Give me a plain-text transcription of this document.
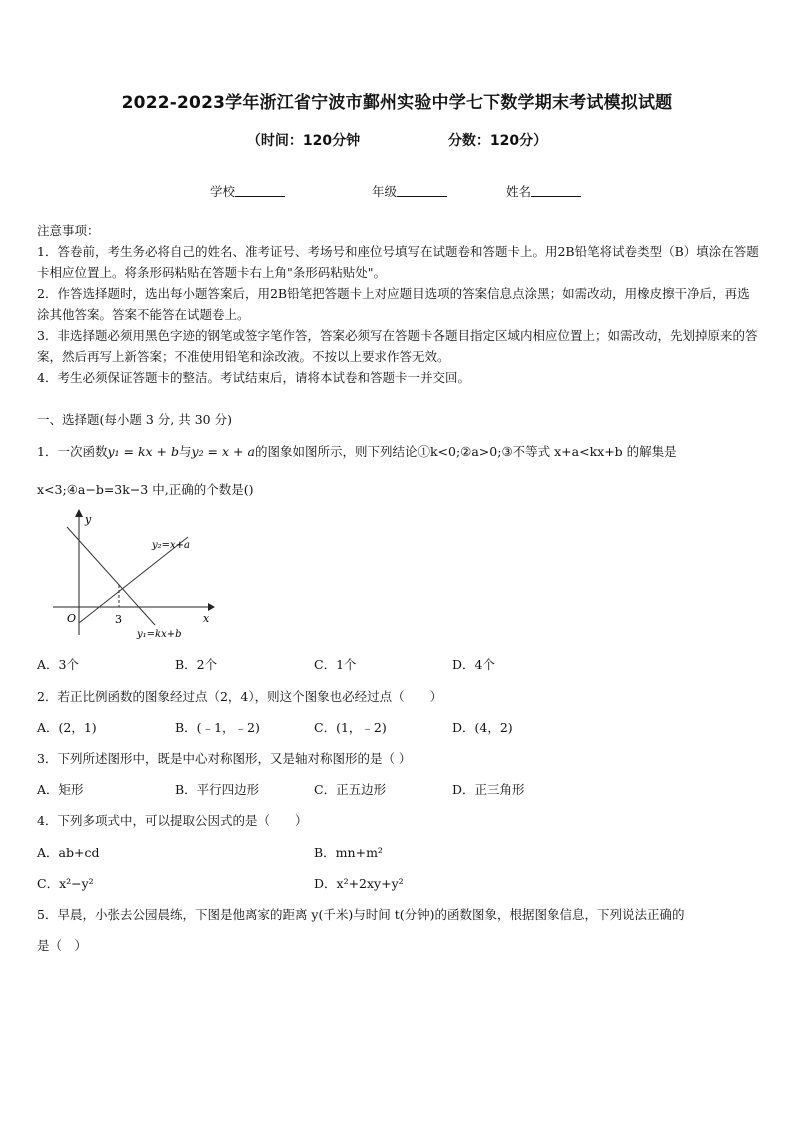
2022-2023学年浙江省宁波市鄞州实验中学七下数学期末考试模拟试题
（时间：120分钟                  分数：120分）
学校	年级	姓名
注意事项：
1．答卷前，考生务必将自己的姓名、准考证号、考场号和座位号填写在试题卷和答题卡上。用2B铅笔将试卷类型（B）填涂在答题卡相应位置上。将条形码粘贴在答题卡右上角"条形码粘贴处"。
2．作答选择题时，选出每小题答案后，用2B铅笔把答题卡上对应题目选项的答案信息点涂黑；如需改动，用橡皮擦干净后，再选涂其他答案。答案不能答在试题卷上。
3．非选择题必须用黑色字迹的钢笔或签字笔作答，答案必须写在答题卡各题目指定区域内相应位置上；如需改动，先划掉原来的答案，然后再写上新答案；不准使用铅笔和涂改液。不按以上要求作答无效。
4．考生必须保证答题卡的整洁。考试结束后，请将本试卷和答题卡一并交回。
一、选择题(每小题 3 分, 共 30 分)
1．一次函数y₁ = kx + b与y₂ = x + a的图象如图所示，则下列结论①k<0;②a>0;③不等式 x+a<kx+b 的解集是
x<3;④a−b=3k−3 中,正确的个数是()
y
x
O	3
y₂=x+a
y₁=kx+b
A．3个	B．2个	C．1个	D．4个
2．若正比例函数的图象经过点（2，4），则这个图象也必经过点（　　）
A．(2，1)	B．(﹣1，﹣2)	C．(1，﹣2)	D．(4，2)
3．下列所述图形中，既是中心对称图形，又是轴对称图形的是（ ）
A．矩形	B．平行四边形	C．正五边形	D．正三角形
4．下列多项式中，可以提取公因式的是（　　）
A．ab+cd	B．mn+m²
C．x²−y²	D．x²+2xy+y²
5．早晨，小张去公园晨练，下图是他离家的距离 y(千米)与时间 t(分钟)的函数图象，根据图象信息，下列说法正确的
是（　）
